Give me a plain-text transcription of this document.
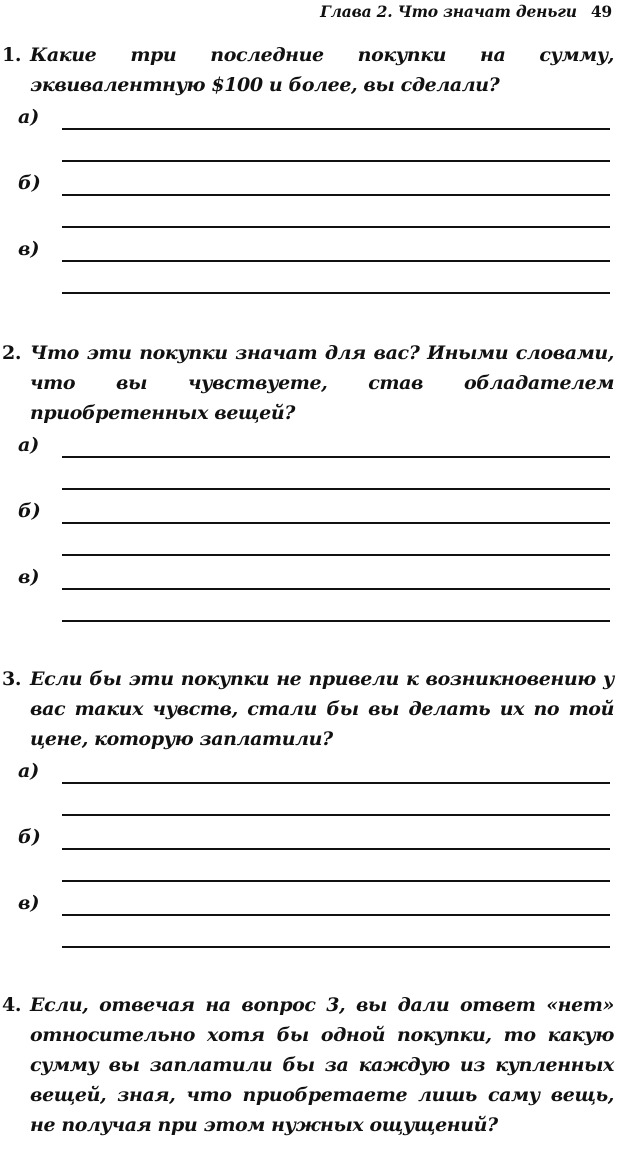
Глава 2. Что значат деньги 49

1. Какие три последние покупки на сумму, эквивалентную $100 и более, вы сделали?

а)
б)
в)

2. Что эти покупки значат для вас? Иными словами, что вы чувствуете, став обладателем приобретенных вещей?

а)
б)
в)

3. Если бы эти покупки не привели к возникновению у вас таких чувств, стали бы вы делать их по той цене, которую заплатили?

а)
б)
в)

4. Если, отвечая на вопрос 3, вы дали ответ «нет» относительно хотя бы одной покупки, то какую сумму вы заплатили бы за каждую из купленных вещей, зная, что приобретаете лишь саму вещь, не получая при этом нужных ощущений?
